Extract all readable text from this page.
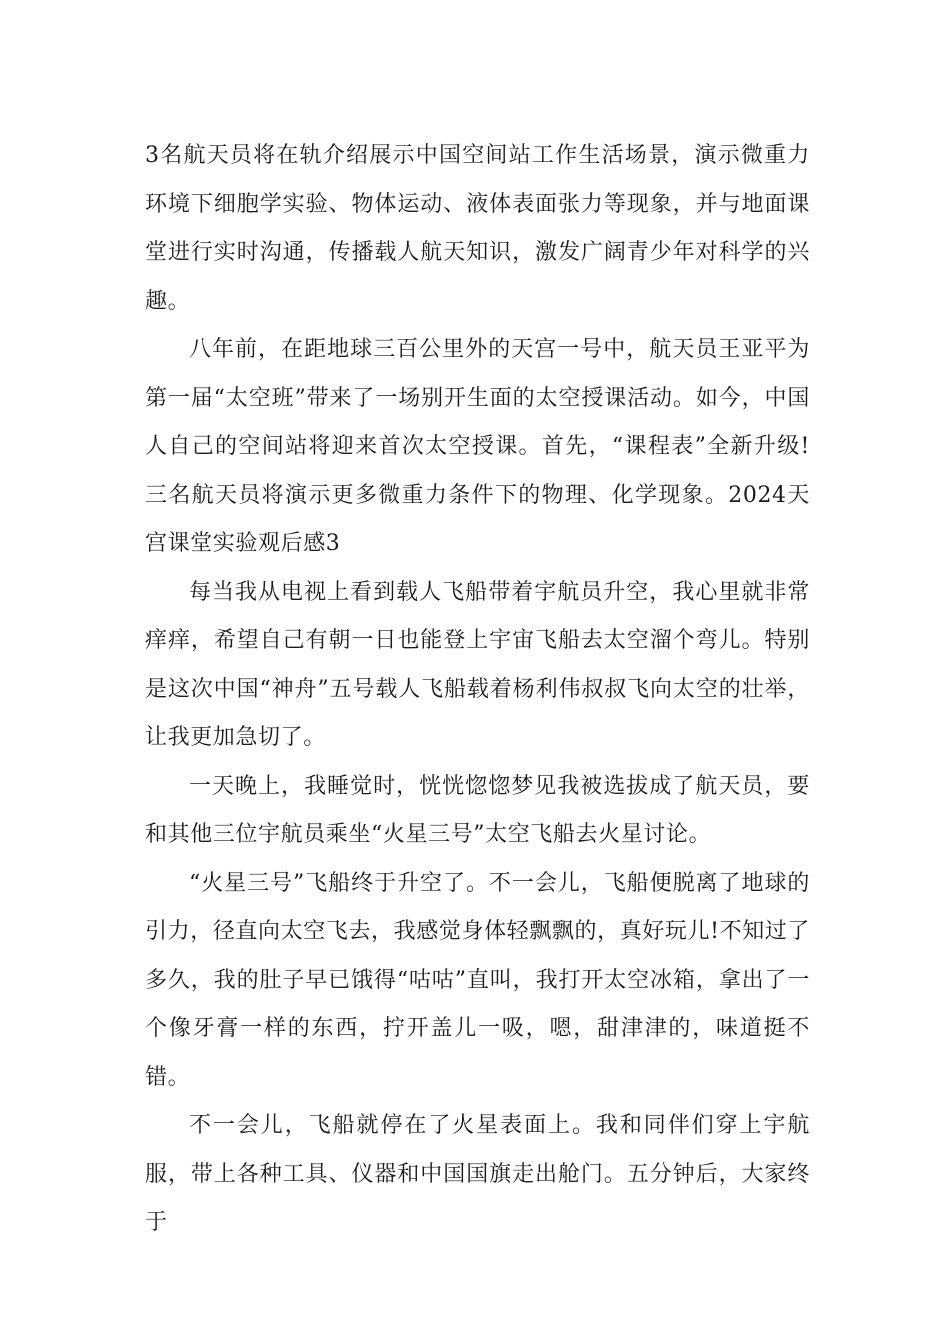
3名航天员将在轨介绍展示中国空间站工作生活场景，演示微重力环境下细胞学实验、物体运动、液体表面张力等现象，并与地面课堂进行实时沟通，传播载人航天知识，激发广阔青少年对科学的兴趣。

八年前，在距地球三百公里外的天宫一号中，航天员王亚平为第一届“太空班”带来了一场别开生面的太空授课活动。如今，中国人自己的空间站将迎来首次太空授课。首先，“课程表”全新升级!三名航天员将演示更多微重力条件下的物理、化学现象。2024天宫课堂实验观后感3

每当我从电视上看到载人飞船带着宇航员升空，我心里就非常痒痒，希望自己有朝一日也能登上宇宙飞船去太空溜个弯儿。特别是这次中国“神舟”五号载人飞船载着杨利伟叔叔飞向太空的壮举，让我更加急切了。

一天晚上，我睡觉时，恍恍惚惚梦见我被选拔成了航天员，要和其他三位宇航员乘坐“火星三号”太空飞船去火星讨论。

“火星三号”飞船终于升空了。不一会儿，飞船便脱离了地球的引力，径直向太空飞去，我感觉身体轻飘飘的，真好玩儿!不知过了多久，我的肚子早已饿得“咕咕”直叫，我打开太空冰箱，拿出了一个像牙膏一样的东西，拧开盖儿一吸，嗯，甜津津的，味道挺不错。

不一会儿，飞船就停在了火星表面上。我和同伴们穿上宇航服，带上各种工具、仪器和中国国旗走出舱门。五分钟后，大家终于
